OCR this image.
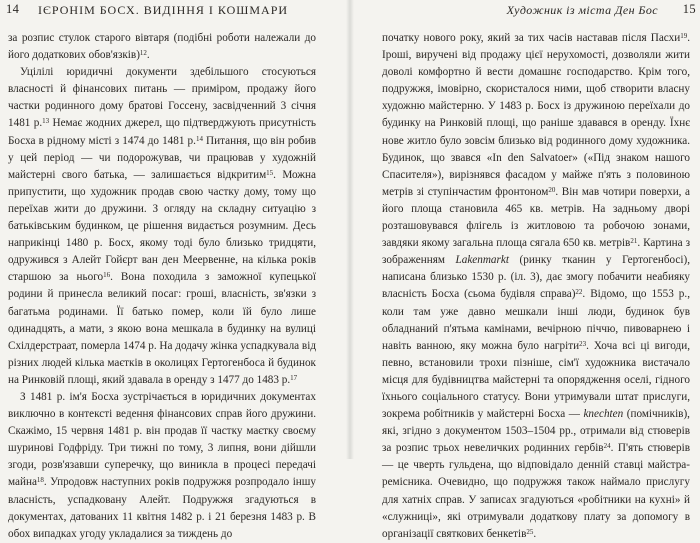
14 ІЄРОНІМ БОСХ. ВИДІННЯ І КОШМАРИ

за розпис стулок старого вівтаря (подібні роботи належали до його додаткових обов'язків)$^{12}$.

Уцілілі юридичні документи здебільшого стосуються власності й фінансових питань — приміром, продажу його частки родинного дому братові Госсену, засвідченний 3 січня 1481 р.$^{13}$ Немає жодних джерел, що підтверджують присутність Босха в рідному місті з 1474 до 1481 р.$^{14}$ Питання, що він робив у цей період — чи подорожував, чи працював у художній майстерні свого батька, — залишається відкритим$^{15}$. Можна припустити, що художник продав свою частку дому, тому що переїхав жити до дружини. З огляду на складну ситуацію з батьківським будинком, це рішення видається розумним. Десь наприкінці 1480 р. Босх, якому тоді було близько тридцяти, одружився з Алейт Гойєрт ван ден Меервенне, на кілька років старшою за нього$^{16}$. Вона походила з заможної купецької родини й принесла великий посаг: гроші, власність, зв'язки з багатьма родинами. Її батько помер, коли їй було лише одинадцять, а мати, з якою вона мешкала в будинку на вулиці Схілдерстраат, померла 1474 р. На додачу жінка успадкувала від різних людей кілька маєтків в околицях Гертогенбоса й будинок на Ринковій площі, який здавала в оренду з 1477 до 1483 р.$^{17}$

З 1481 р. ім'я Босха зустрічається в юридичних документах виключно в контексті ведення фінансових справ його дружини. Скажімо, 15 червня 1481 р. він продав її частку маєтку своєму шуринові Годфріду. Три тижні по тому, 3 липня, вони дійшли згоди, розв'язавши суперечку, що виникла в процесі передачі майна$^{18}$. Упродовж наступних років подружжя розпродало іншу власність, успадковану Алейт. Подружжя згадуються в документах, датованих 11 квітня 1482 р. і 21 березня 1483 р. В обох випадках угоду укладалися за тиждень до

Художник із міста Ден Бос 15

початку нового року, який за тих часів наставав після Пасхи$^{19}$. Іроші, виручені від продажу цієї нерухомості, дозволяли жити доволі комфортно й вести домашнє господарство. Крім того, подружжя, імовірно, скористалося ними, щоб створити власну художню майстерню. У 1483 р. Босх із дружиною переїхали до будинку на Ринковій площі, що раніше здавався в оренду. Їхнє нове житло було зовсім близько від родинного дому художника. Будинок, що звався «In den Salvatoer» («Під знаком нашого Спасителя»), вирізнявся фасадом у майже п'ять з половиною метрів зі ступінчастим фронтоном$^{20}$. Він мав чотири поверхи, а його площа становила 465 кв. метрів. На задньому дворі розташовувався флігель із житловою та робочою зонами, завдяки якому загальна площа сягала 650 кв. метрів$^{21}$. Картина з зображенням Lakenmarkt (ринку тканин у Гертогенбосі), написана близько 1530 р. (іл. 3), дає змогу побачити неабияку власність Босха (сьома будівля справа)$^{22}$. Відомо, що 1553 р., коли там уже давно мешкали інші люди, будинок був обладнаний п'ятьма камінами, вечірною піччю, пивоварнею і навіть ванною, яку можна було нагріти$^{23}$. Хоча всі ці вигоди, певно, встановили трохи пізніше, сім'ї художника вистачало місця для будівництва майстерні та опорядження оселі, гідного їхнього соціального статусу. Вони утримували штат прислуги, зокрема робітників у майстерні Босха — knechten (помічників), які, згідно з документом 1503–1504 рр., отримали від стюверів за розпис трьох невеличких родинних гербів$^{24}$. П'ять стюверів — це чверть гульдена, що відповідало денній ставці майстра-ремісника. Очевидно, що подружжя також наймало прислугу для хатніх справ. У записах згадуються «робітники на кухні» й «служниці», які отримували додаткову плату за допомогу в організації святкових бенкетів$^{25}$.
